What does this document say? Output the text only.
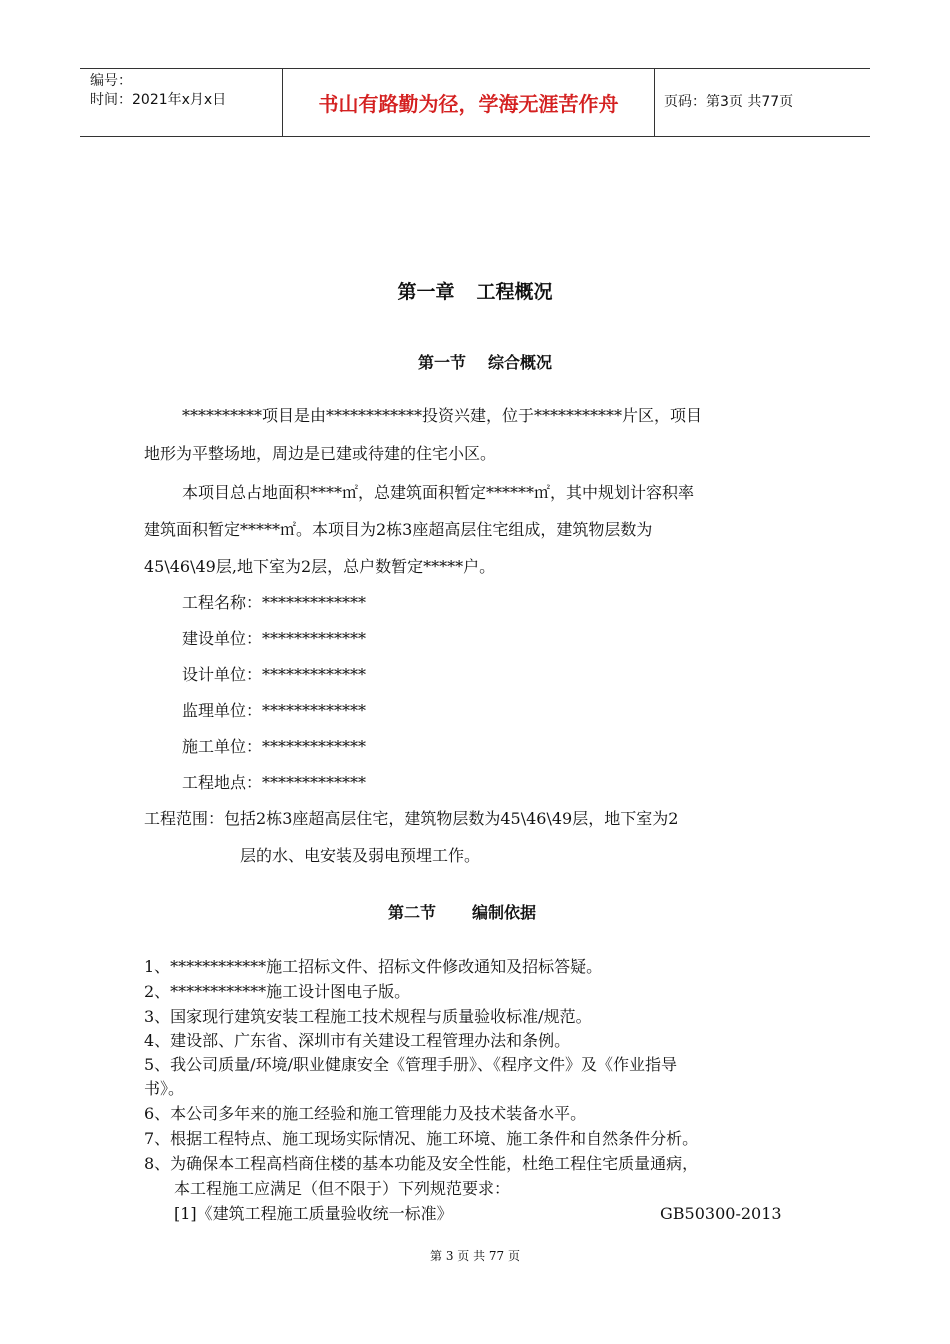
编号：
时间：2021年x月x日	书山有路勤为径，学海无涯苦作舟	页码：第3页 共77页
第一章 工程概况
第一节 综合概况
**********项目是由************投资兴建，位于***********片区，项目
地形为平整场地，周边是已建或待建的住宅小区。
本项目总占地面积****㎡，总建筑面积暂定******㎡，其中规划计容积率
建筑面积暂定*****㎡。本项目为2栋3座超高层住宅组成，建筑物层数为
45\46\49层,地下室为2层，总户数暂定*****户。
工程名称：*************
建设单位：*************
设计单位：*************
监理单位：*************
施工单位：*************
工程地点：*************
工程范围：包括2栋3座超高层住宅，建筑物层数为45\46\49层，地下室为2
层的水、电安装及弱电预埋工作。
第二节 编制依据
1、************施工招标文件、招标文件修改通知及招标答疑。
2、************施工设计图电子版。
3、国家现行建筑安装工程施工技术规程与质量验收标准/规范。
4、建设部、广东省、深圳市有关建设工程管理办法和条例。
5、我公司质量/环境/职业健康安全《管理手册》、《程序文件》及《作业指导
书》。
6、本公司多年来的施工经验和施工管理能力及技术装备水平。
7、根据工程特点、施工现场实际情况、施工环境、施工条件和自然条件分析。
8、为确保本工程高档商住楼的基本功能及安全性能，杜绝工程住宅质量通病，
本工程施工应满足（但不限于）下列规范要求：
[1]《建筑工程施工质量验收统一标准》	GB50300-2013
第 3 页 共 77 页
